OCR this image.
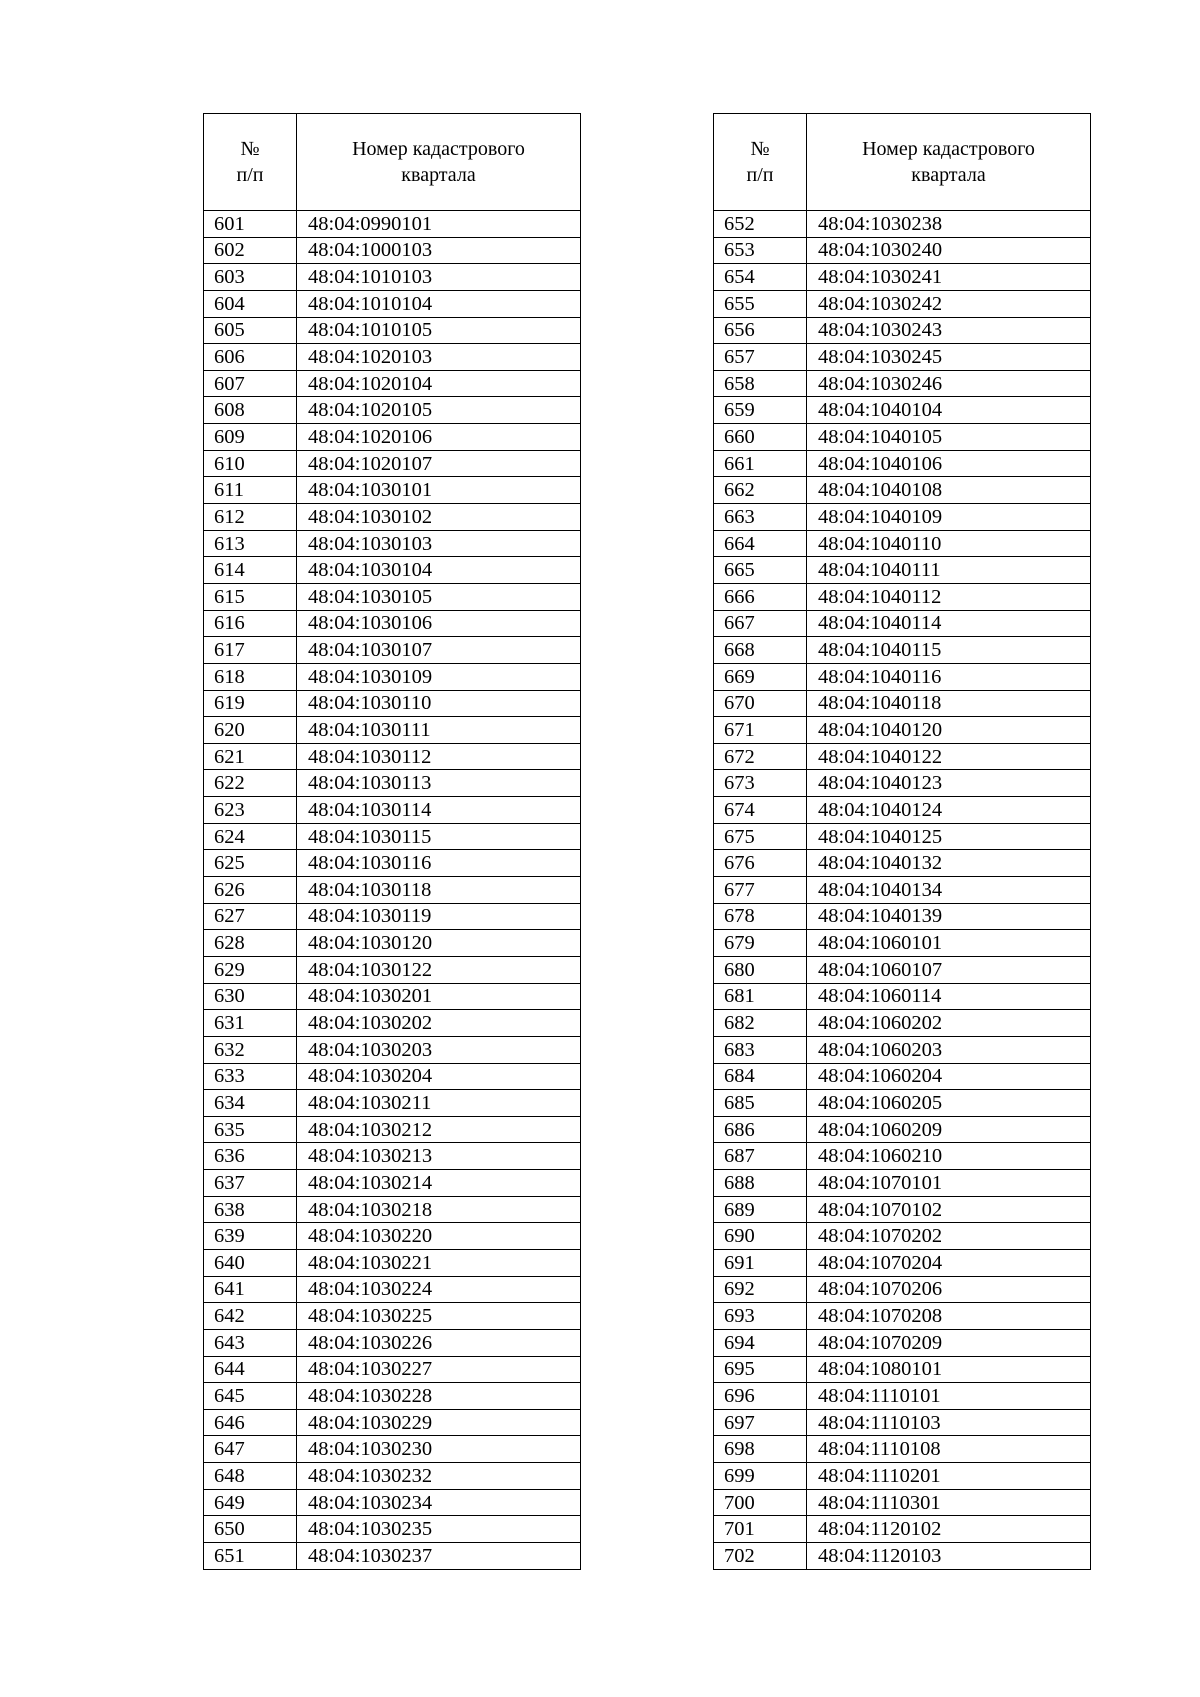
№
п/п	Номер кадастрового
квартала

601	48:04:0990101
602	48:04:1000103
603	48:04:1010103
604	48:04:1010104
605	48:04:1010105
606	48:04:1020103
607	48:04:1020104
608	48:04:1020105
609	48:04:1020106
610	48:04:1020107
611	48:04:1030101
612	48:04:1030102
613	48:04:1030103
614	48:04:1030104
615	48:04:1030105
616	48:04:1030106
617	48:04:1030107
618	48:04:1030109
619	48:04:1030110
620	48:04:1030111
621	48:04:1030112
622	48:04:1030113
623	48:04:1030114
624	48:04:1030115
625	48:04:1030116
626	48:04:1030118
627	48:04:1030119
628	48:04:1030120
629	48:04:1030122
630	48:04:1030201
631	48:04:1030202
632	48:04:1030203
633	48:04:1030204
634	48:04:1030211
635	48:04:1030212
636	48:04:1030213
637	48:04:1030214
638	48:04:1030218
639	48:04:1030220
640	48:04:1030221
641	48:04:1030224
642	48:04:1030225
643	48:04:1030226
644	48:04:1030227
645	48:04:1030228
646	48:04:1030229
647	48:04:1030230
648	48:04:1030232
649	48:04:1030234
650	48:04:1030235
651	48:04:1030237
№
п/п	Номер кадастрового
квартала

652	48:04:1030238
653	48:04:1030240
654	48:04:1030241
655	48:04:1030242
656	48:04:1030243
657	48:04:1030245
658	48:04:1030246
659	48:04:1040104
660	48:04:1040105
661	48:04:1040106
662	48:04:1040108
663	48:04:1040109
664	48:04:1040110
665	48:04:1040111
666	48:04:1040112
667	48:04:1040114
668	48:04:1040115
669	48:04:1040116
670	48:04:1040118
671	48:04:1040120
672	48:04:1040122
673	48:04:1040123
674	48:04:1040124
675	48:04:1040125
676	48:04:1040132
677	48:04:1040134
678	48:04:1040139
679	48:04:1060101
680	48:04:1060107
681	48:04:1060114
682	48:04:1060202
683	48:04:1060203
684	48:04:1060204
685	48:04:1060205
686	48:04:1060209
687	48:04:1060210
688	48:04:1070101
689	48:04:1070102
690	48:04:1070202
691	48:04:1070204
692	48:04:1070206
693	48:04:1070208
694	48:04:1070209
695	48:04:1080101
696	48:04:1110101
697	48:04:1110103
698	48:04:1110108
699	48:04:1110201
700	48:04:1110301
701	48:04:1120102
702	48:04:1120103
